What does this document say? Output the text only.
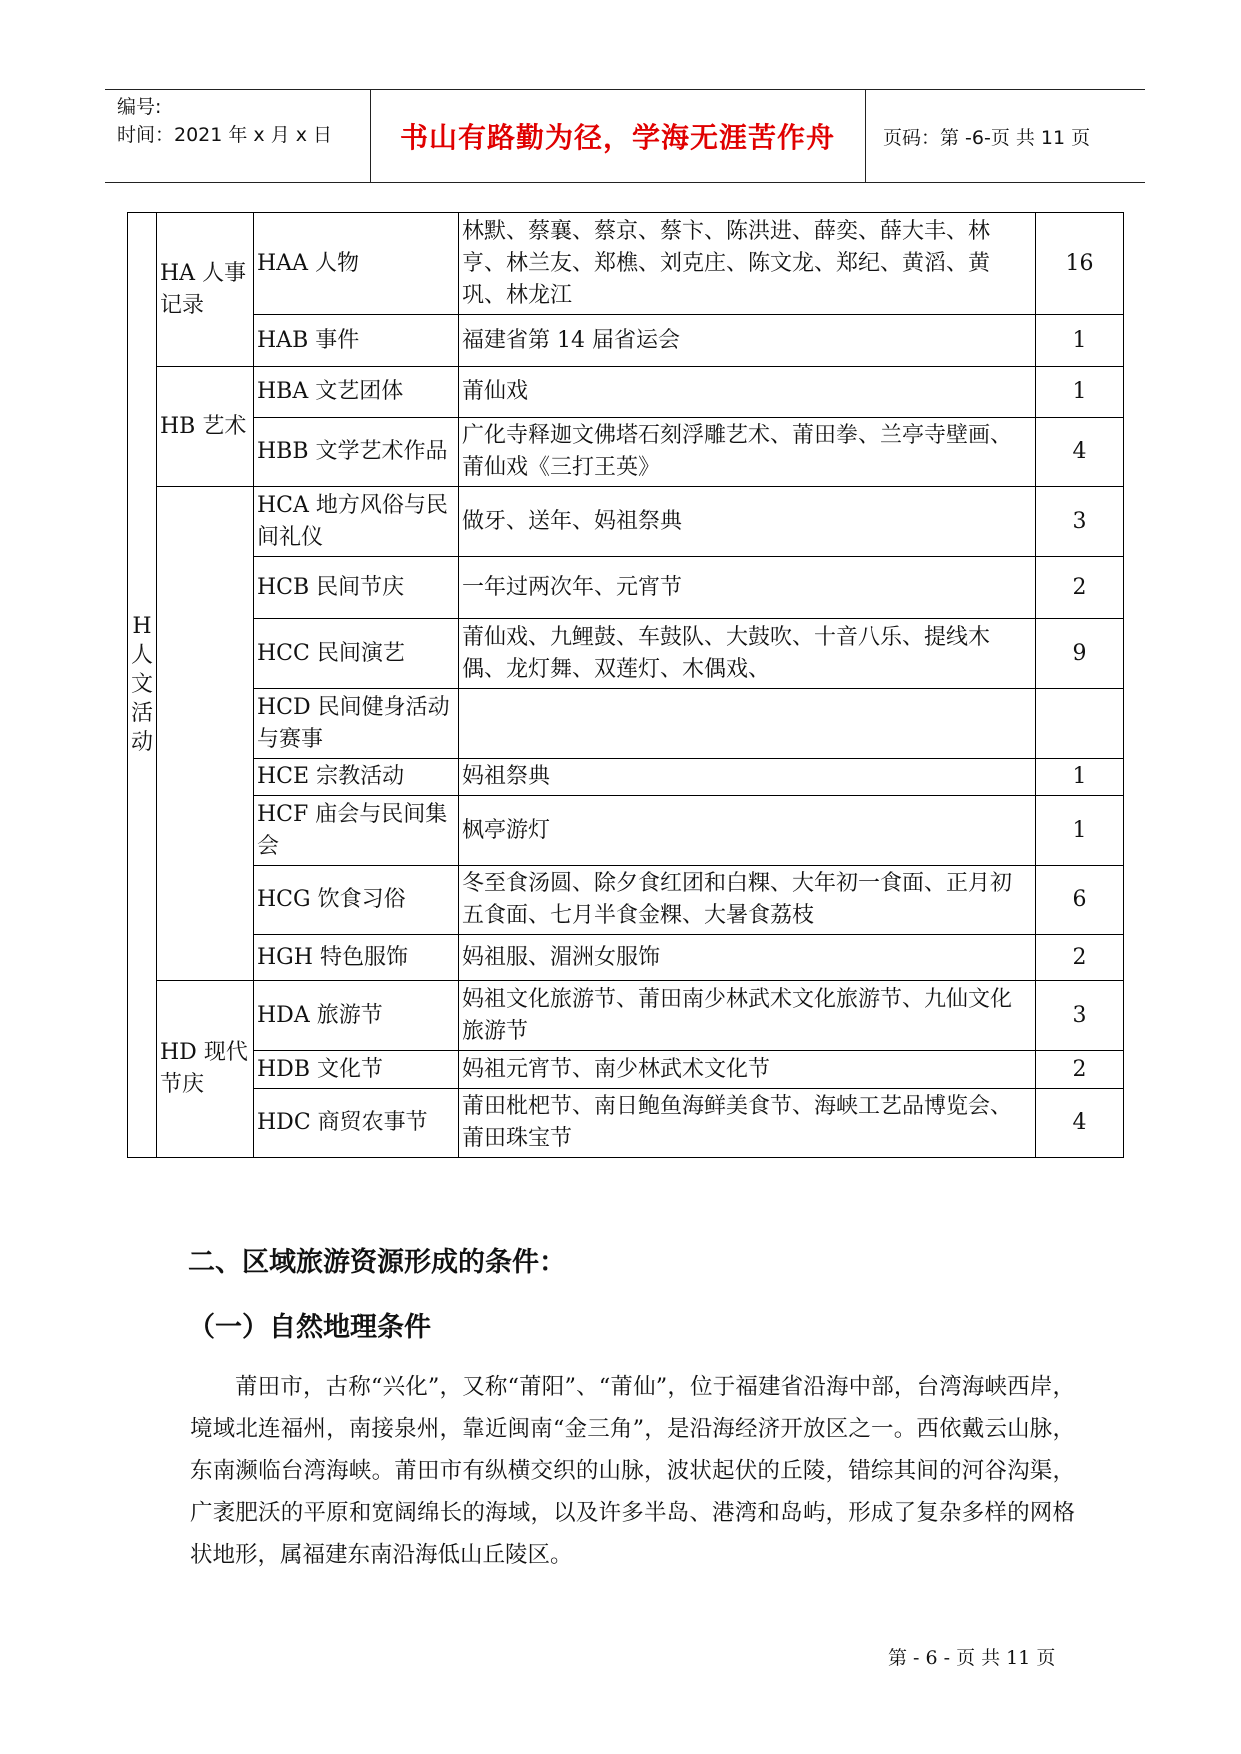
编号:
时间：2021 年 x 月 x 日	书山有路勤为径，学海无涯苦作舟	页码：第 -6-页 共 11 页
H人文活动	HA 人事记录	HAA 人物	林默、蔡襄、蔡京、蔡卞、陈洪进、薛奕、薛大丰、林亨、林兰友、郑樵、刘克庄、陈文龙、郑纪、黄滔、黄巩、林龙江	16
		HAB 事件	福建省第 14 届省运会	1
	HB 艺术	HBA 文艺团体	莆仙戏	1
		HBB 文学艺术作品	广化寺释迦文佛塔石刻浮雕艺术、莆田拳、兰亭寺壁画、莆仙戏《三打王英》	4
		HCA 地方风俗与民间礼仪	做牙、送年、妈祖祭典	3
		HCB 民间节庆	一年过两次年、元宵节	2
		HCC 民间演艺	莆仙戏、九鲤鼓、车鼓队、大鼓吹、十音八乐、提线木偶、龙灯舞、双莲灯、木偶戏、	9
		HCD 民间健身活动与赛事		
		HCE 宗教活动	妈祖祭典	1
		HCF 庙会与民间集会	枫亭游灯	1
		HCG 饮食习俗	冬至食汤圆、除夕食红团和白粿、大年初一食面、正月初五食面、七月半食金粿、大暑食荔枝	6
		HGH 特色服饰	妈祖服、湄洲女服饰	2
	HD 现代节庆	HDA 旅游节	妈祖文化旅游节、莆田南少林武术文化旅游节、九仙文化旅游节	3
		HDB 文化节	妈祖元宵节、南少林武术文化节	2
		HDC 商贸农事节	莆田枇杷节、南日鲍鱼海鲜美食节、海峡工艺品博览会、莆田珠宝节	4
二、区域旅游资源形成的条件：
（一）自然地理条件

莆田市，古称“兴化”，又称“莆阳”、“莆仙”，位于福建省沿海中部，台湾海峡西岸，境域北连福州，南接泉州，靠近闽南“金三角”，是沿海经济开放区之一。西依戴云山脉，东南濒临台湾海峡。莆田市有纵横交织的山脉，波状起伏的丘陵，错综其间的河谷沟渠，广袤肥沃的平原和宽阔绵长的海域，以及许多半岛、港湾和岛屿，形成了复杂多样的网格状地形，属福建东南沿海低山丘陵区。

第 - 6 - 页 共 11 页
